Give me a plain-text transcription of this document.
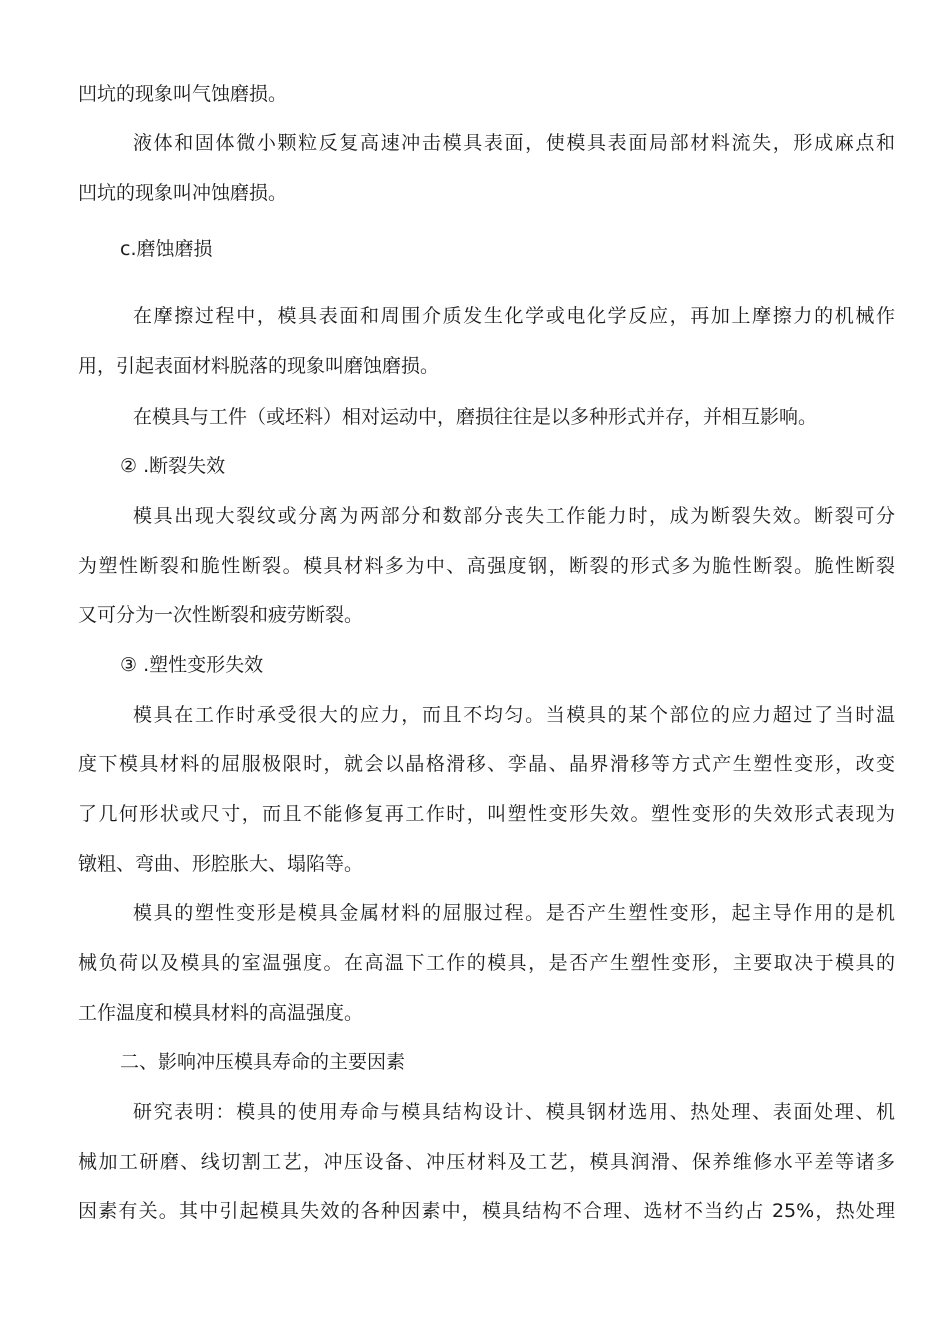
凹坑的现象叫气蚀磨损。
液体和固体微小颗粒反复高速冲击模具表面，使模具表面局部材料流失，形成麻点和
凹坑的现象叫冲蚀磨损。
c.磨蚀磨损
在摩擦过程中，模具表面和周围介质发生化学或电化学反应，再加上摩擦力的机械作
用，引起表面材料脱落的现象叫磨蚀磨损。
在模具与工件（或坯料）相对运动中，磨损往往是以多种形式并存，并相互影响。
② .断裂失效
模具出现大裂纹或分离为两部分和数部分丧失工作能力时，成为断裂失效。断裂可分
为塑性断裂和脆性断裂。模具材料多为中、高强度钢，断裂的形式多为脆性断裂。脆性断裂
又可分为一次性断裂和疲劳断裂。
③ .塑性变形失效
模具在工作时承受很大的应力，而且不均匀。当模具的某个部位的应力超过了当时温
度下模具材料的屈服极限时，就会以晶格滑移、孪晶、晶界滑移等方式产生塑性变形，改变
了几何形状或尺寸，而且不能修复再工作时，叫塑性变形失效。塑性变形的失效形式表现为
镦粗、弯曲、形腔胀大、塌陷等。
模具的塑性变形是模具金属材料的屈服过程。是否产生塑性变形，起主导作用的是机
械负荷以及模具的室温强度。在高温下工作的模具，是否产生塑性变形，主要取决于模具的
工作温度和模具材料的高温强度。
二、影响冲压模具寿命的主要因素
研究表明：模具的使用寿命与模具结构设计、模具钢材选用、热处理、表面处理、机
械加工研磨、线切割工艺，冲压设备、冲压材料及工艺，模具润滑、保养维修水平差等诸多
因素有关。其中引起模具失效的各种因素中，模具结构不合理、选材不当约占 25%，热处理
